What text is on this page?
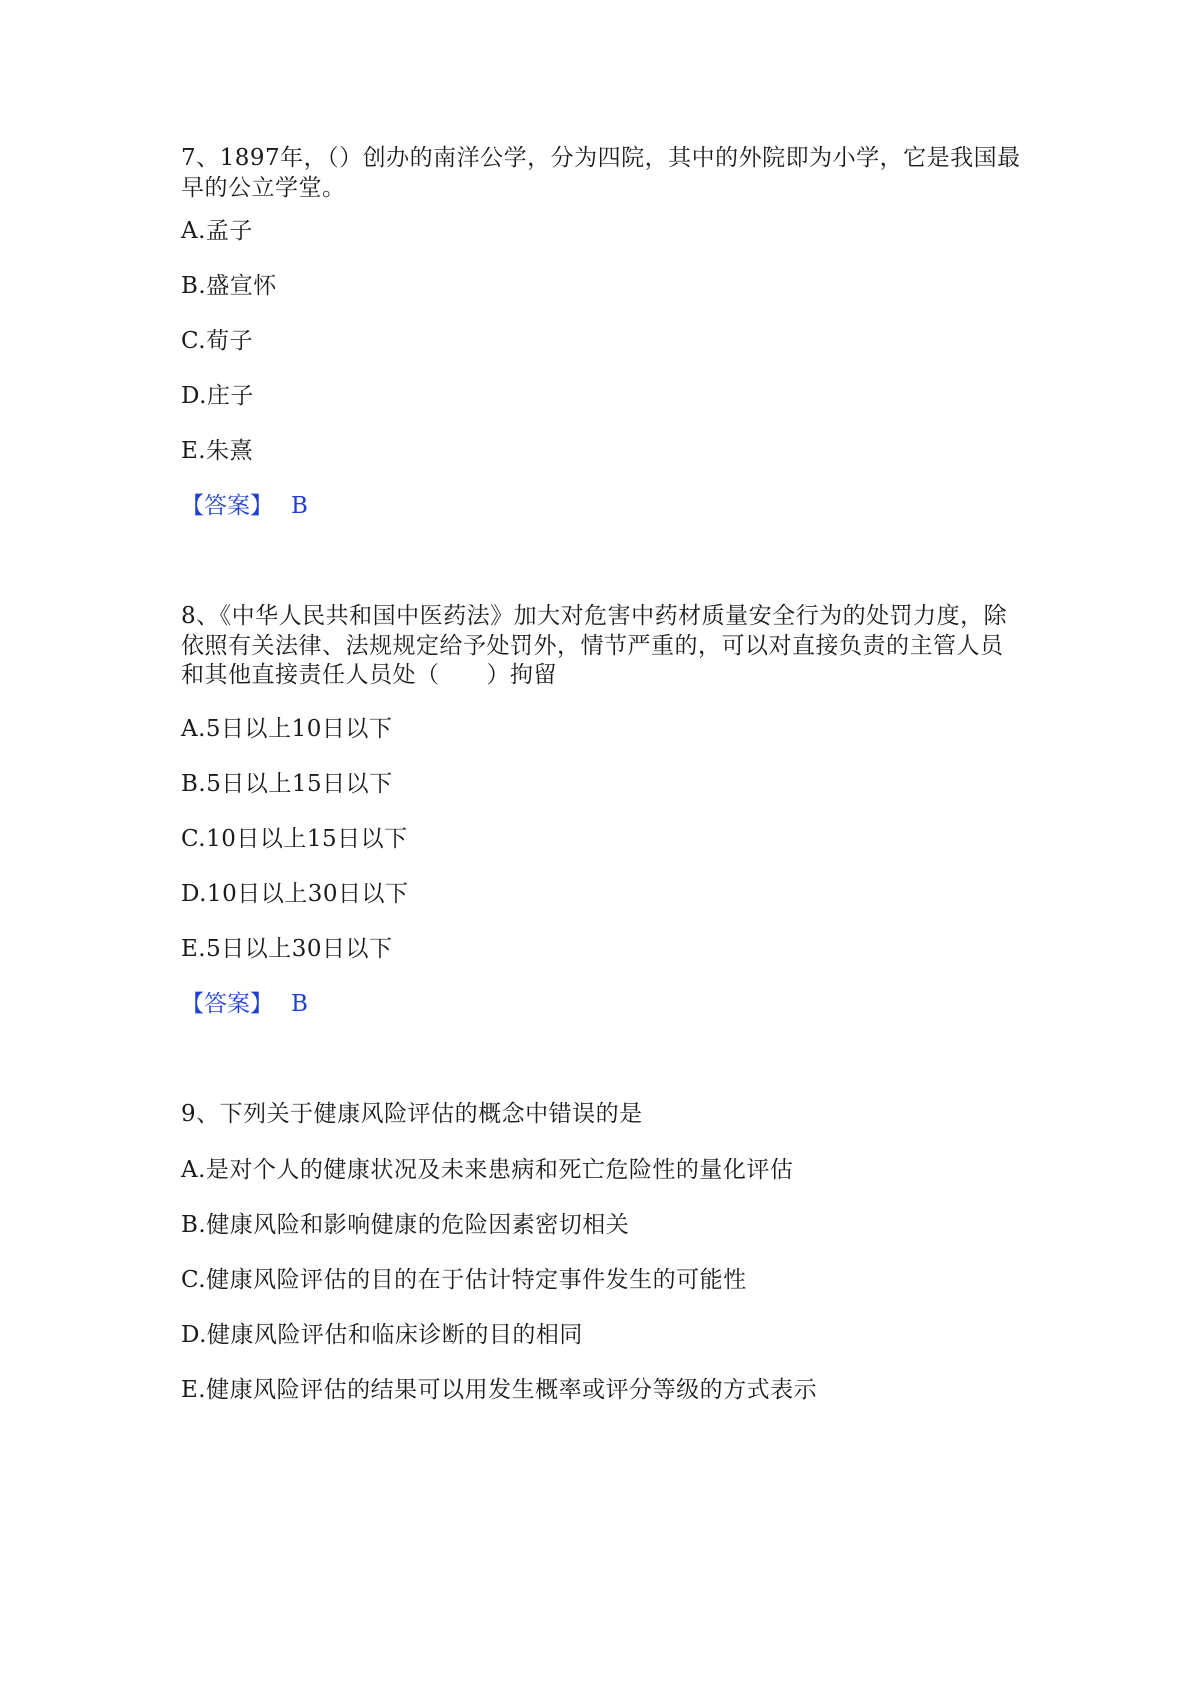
7、1897年，（）创办的南洋公学，分为四院，其中的外院即为小学，它是我国最早的公立学堂。
A.孟子
B.盛宣怀
C.荀子
D.庄子
E.朱熹
【答案】 B
8、《中华人民共和国中医药法》加大对危害中药材质量安全行为的处罚力度，除依照有关法律、法规规定给予处罚外，情节严重的，可以对直接负责的主管人员和其他直接责任人员处（　　）拘留
A.5日以上10日以下
B.5日以上15日以下
C.10日以上15日以下
D.10日以上30日以下
E.5日以上30日以下
【答案】 B
9、下列关于健康风险评估的概念中错误的是
A.是对个人的健康状况及未来患病和死亡危险性的量化评估
B.健康风险和影响健康的危险因素密切相关
C.健康风险评估的目的在于估计特定事件发生的可能性
D.健康风险评估和临床诊断的目的相同
E.健康风险评估的结果可以用发生概率或评分等级的方式表示
